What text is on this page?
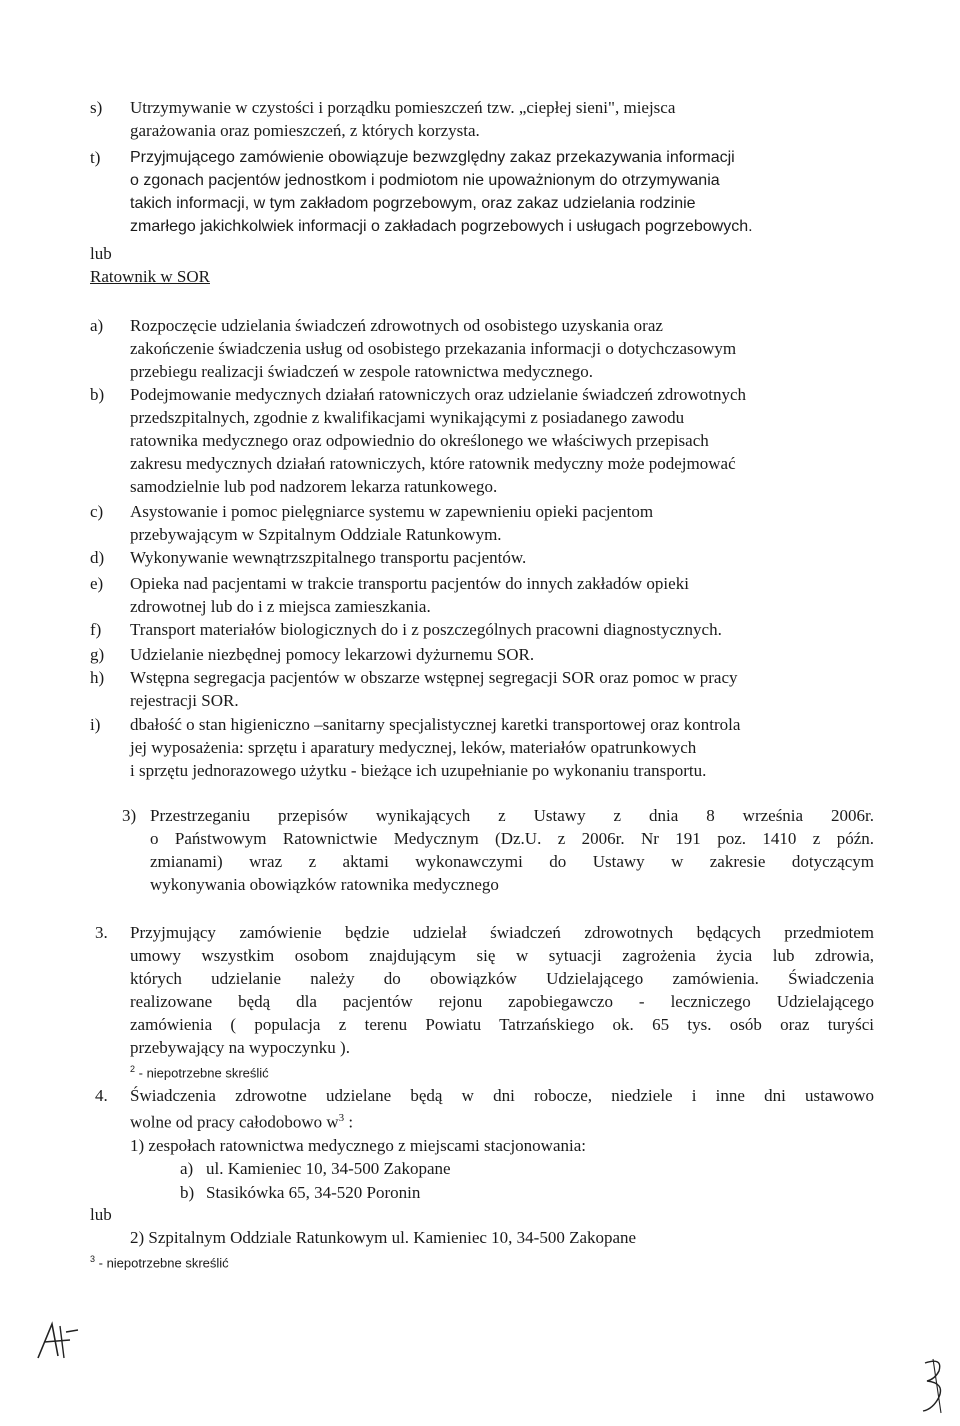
s)	Utrzymywanie w czystości i porządku pomieszczeń tzw. „ciepłej sieni", miejsca
garażowania oraz pomieszczeń, z których korzysta.
t)	Przyjmującego zamówienie obowiązuje bezwzględny zakaz przekazywania informacji
o zgonach pacjentów jednostkom i podmiotom nie upoważnionym do otrzymywania
takich informacji, w tym zakładom pogrzebowym, oraz zakaz udzielania rodzinie
zmarłego jakichkolwiek informacji o zakładach pogrzebowych i usługach pogrzebowych.
lub
Ratownik w SOR
a)	Rozpoczęcie udzielania świadczeń zdrowotnych od osobistego uzyskania oraz
zakończenie świadczenia usług od osobistego przekazania informacji o dotychczasowym
przebiegu realizacji świadczeń w zespole ratownictwa medycznego.
b)	Podejmowanie medycznych działań ratowniczych oraz udzielanie świadczeń zdrowotnych
przedszpitalnych, zgodnie z kwalifikacjami wynikającymi z posiadanego zawodu
ratownika medycznego oraz odpowiednio do określonego we właściwych przepisach
zakresu medycznych działań ratowniczych, które ratownik medyczny może podejmować
samodzielnie lub pod nadzorem lekarza ratunkowego.
c)	Asystowanie i pomoc pielęgniarce systemu w zapewnieniu opieki pacjentom
przebywającym w Szpitalnym Oddziale Ratunkowym.
d)	Wykonywanie wewnątrzszpitalnego transportu pacjentów.
e)	Opieka nad pacjentami w trakcie transportu pacjentów do innych zakładów opieki
zdrowotnej lub do i z miejsca zamieszkania.
f)	Transport materiałów biologicznych do i z poszczególnych pracowni diagnostycznych.
g)	Udzielanie niezbędnej pomocy lekarzowi dyżurnemu SOR.
h)	Wstępna segregacja pacjentów w obszarze wstępnej segregacji SOR oraz pomoc w pracy
rejestracji SOR.
i)	dbałość o stan higieniczno –sanitarny specjalistycznej karetki transportowej oraz kontrola
jej wyposażenia: sprzętu i aparatury medycznej, leków, materiałów opatrunkowych
i sprzętu jednorazowego użytku - bieżące ich uzupełnianie po wykonaniu transportu.
3) Przestrzeganiu przepisów wynikających z Ustawy z dnia 8 września 2006r.
o Państwowym Ratownictwie Medycznym (Dz.U. z 2006r. Nr 191 poz. 1410 z późn.
zmianami) wraz z aktami wykonawczymi do Ustawy w zakresie dotyczącym
wykonywania obowiązków ratownika medycznego
3.	Przyjmujący zamówienie będzie udzielał świadczeń zdrowotnych będących przedmiotem
umowy wszystkim osobom znajdującym się w sytuacji zagrożenia życia lub zdrowia,
których udzielanie należy do obowiązków Udzielającego zamówienia. Świadczenia
realizowane będą dla pacjentów rejonu zapobiegawczo - leczniczego Udzielającego
zamówienia ( populacja z terenu Powiatu Tatrzańskiego ok. 65 tys. osób oraz turyści
przebywający na wypoczynku ).
$^2$ - niepotrzebne skreślić
4.	Świadczenia zdrowotne udzielane będą w dni robocze, niedziele i inne dni ustawowo
wolne od pracy całodobowo $w^3$ :
1) zespołach ratownictwa medycznego z miejscami stacjonowania:
a) ul. Kamieniec 10, 34-500 Zakopane
b) Stasikówka 65, 34-520 Poronin
lub
2) Szpitalnym Oddziale Ratunkowym ul. Kamieniec 10, 34-500 Zakopane
$^3$ - niepotrzebne skreślić
